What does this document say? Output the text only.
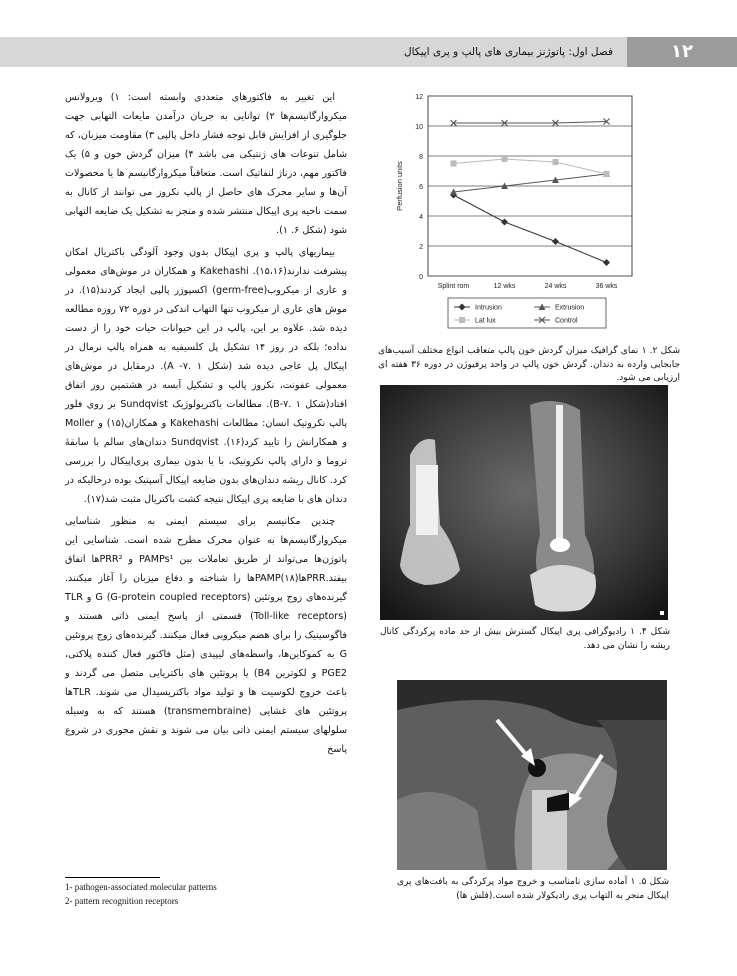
۱۲
فصل اول: پاتوژنز بیماری های پالپ و پری اپیکال

این تغییر به فاکتورهای متعددی وابسته است: ۱) ویرولانس میکروارگانیسم‌ها ۲) توانایی به جریان درآمدن مایعات التهابی جهت جلوگیری از افزایش قابل توجه فشار داخل پالپی ۳) مقاومت میزبان، که شامل تنوعات های ژنتیکی می باشد ۴) میزان گردش خون و ۵) یک فاکتور مهم، درناژ لنفاتیک است. متعاقباً میکروارگانیسم ها یا محصولات آن‌ها و سایر محرک های حاصل از پالپ نکروز می توانند از کانال به سمت ناحیه پری اپیکال منتشر شده و منجر به تشکیل یک ضایعه التهابی شود (شکل ۶. ۱).

بیماریهای پالپ و پری اپیکال بدون وجود آلودگی باکتریال امکان پیشرفت ندارند(۱۵،۱۶). Kakehashi و همکاران در موش‌های معمولی و عاری از میکروب(germ-free) اکسپوژر پالپی ایجاد کردند(۱۵). در موش های عاری از میکروب تنها التهاب اندکی در دوره ۷۲ روزه مطالعه دیده شد. علاوه بر این، پالپ در این حیوانات حیات خود را از دست نداده؛ بلکه در روز ۱۴ تشکیل پل کلسیفیه به همراه پالپ نرمال در اپیکال پل عاجی دیده شد (شکل A -۷. ۱). درمقابل در موش‌های معمولی عفونت، نکروز پالپ و تشکیل آبسه در هشتمین روز اتفاق افتاد(شکل B-۷. ۱). مطالعات باکتریولوژیک Sundqvist بر روی فلور پالپ نکروتیک انسان: مطالعات Kakehashi و همکاران(۱۵) و Moller و همکارانش را تایید کرد(۱۶). Sundqvist دندان‌های سالم با سابقهٔ تروما و دارای پالپ نکروتیک، با یا بدون بیماری پری‌اپیکال را بررسی کرد. کانال ریشه دندان‌های بدون ضایعه اپیکال آسپتیک بوده درحالیکه در دندان های با ضایعه پری اپیکال نتیجه کشت باکتریال مثبت شد(۱۷).

چندین مکانیسم برای سیستم ایمنی به منظور شناسایی میکروارگانیسم‌ها به عنوان محرک مطرح شده است. شناسایی این پاتوژن‌ها می‌تواند از طریق تعاملات بین PAMPs¹ و PRR²ها اتفاق بیفتد.PRRها(۱۸)PAMPها را شناخته و دفاع میزبان را آغاز میکنند. گیرنده‌های زوج پروتئین G (G-protein coupled receptors) و TLR (Toll-like receptors) قسمتی از پاسخ ایمنی ذاتی هستند و فاگوسیتیک را برای هضم میکروبی فعال میکنند. گیرنده‌های زوج پروتئین G به کموکاین‌ها، واسطه‌های لیپیدی (مثل فاکتور فعال کننده پلاکتی، PGE2 و لکوترین B4) یا پروتئین های باکتریایی متصل می گردند و باعث خروج لکوسیت ها و تولید مواد باکتریسیدال می شوند. TLRها پروتئین های غشایی (transmembraine) هستند که به وسیله سلولهای سیستم ایمنی ذاتی بیان می شوند و نقش محوری در شروع پاسخ

1- pathogen-associated molecular patterns
2- pattern recognition receptors
0
2
4
6
8
10
12
Perfusion units
Splint rom	12 wks	24 wks	36 wks
Intrusion	Extrusion
Lat lux	Control
شکل ۲. ۱ نمای گرافیک میزان گردش خون پالپ متعاقب انواع مختلف آسیب‌های جابجایی وارده به دندان. گردش خون پالپ در واحد پرفیوژن در دوره ۳۶ هفته ای ارزیابی می شود.
شکل ۴. ۱ رادیوگرافی پری اپیکال گسترش بیش از حد ماده پرکردگی کانال ریشه را نشان می دهد.
شکل ۵. ۱ آماده سازی نامناسب و خروج مواد پرکردگی به بافت‌های پری اپیکال منجر به التهاب پری رادیکولار شده است.(فلش ها)
